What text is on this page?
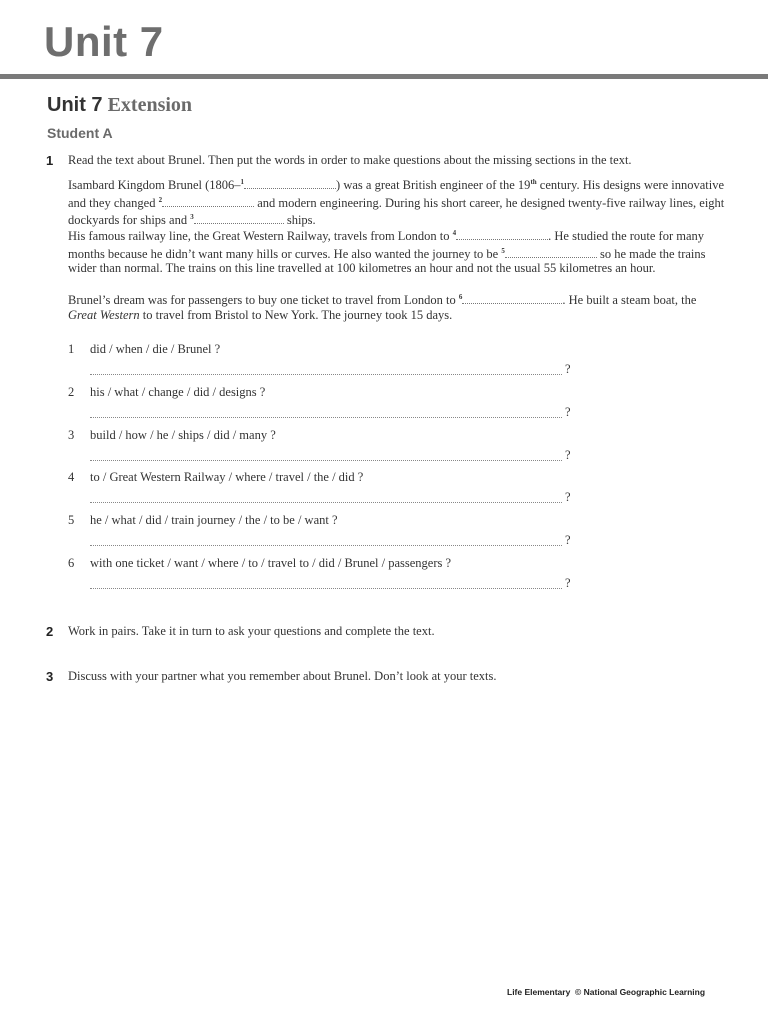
Unit 7
Unit 7 Extension
Student A
1 Read the text about Brunel. Then put the words in order to make questions about the missing sections in the text.
Isambard Kingdom Brunel (1806–$^1$	) was a great British engineer of the 19th century. His designs were innovative and they changed $^2$	and modern engineering. During his short career, he designed twenty-five railway lines, eight dockyards for ships and $^3$	ships.
His famous railway line, the Great Western Railway, travels from London to $^4$	. He studied the route for many months because he didn’t want many hills or curves. He also wanted the journey to be $^5$	so he made the trains wider than normal. The trains on this line travelled at 100 kilometres an hour and not the usual 55 kilometres an hour.
Brunel’s dream was for passengers to buy one ticket to travel from London to $^6$	. He built a steam boat, the Great Western to travel from Bristol to New York. The journey took 15 days.
1 did / when / die / Brunel ?
?
2 his / what / change / did / designs ?
?
3 build / how / he / ships / did / many ?
?
4 to / Great Western Railway / where / travel / the / did ?
?
5 he / what / did / train journey / the / to be / want ?
?
6 with one ticket / want / where / to / travel to / did / Brunel / passengers ?
?
2 Work in pairs. Take it in turn to ask your questions and complete the text.
3 Discuss with your partner what you remember about Brunel. Don’t look at your texts.
Life Elementary © National Geographic Learning
